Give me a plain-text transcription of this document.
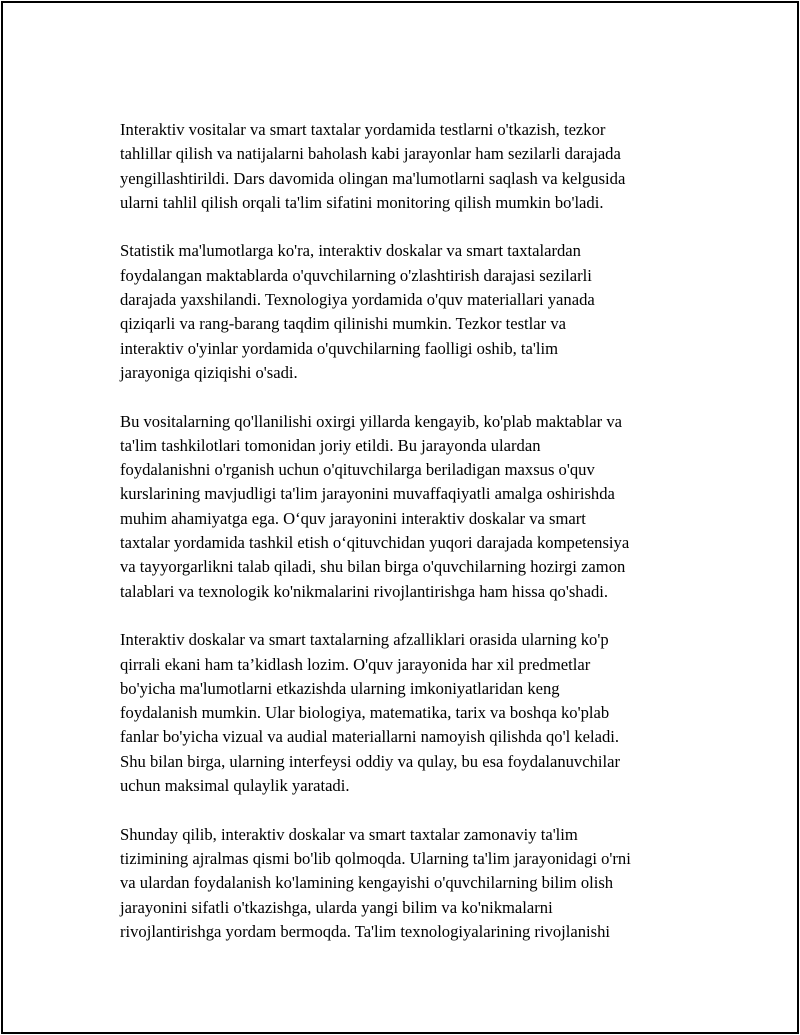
Interaktiv vositalar va smart taxtalar yordamida testlarni o'tkazish, tezkor
tahlillar qilish va natijalarni baholash kabi jarayonlar ham sezilarli darajada
yengillashtirildi. Dars davomida olingan ma'lumotlarni saqlash va kelgusida
ularni tahlil qilish orqali ta'lim sifatini monitoring qilish mumkin bo'ladi.

Statistik ma'lumotlarga ko'ra, interaktiv doskalar va smart taxtalardan
foydalangan maktablarda o'quvchilarning o'zlashtirish darajasi sezilarli
darajada yaxshilandi. Texnologiya yordamida o'quv materiallari yanada
qiziqarli va rang-barang taqdim qilinishi mumkin. Tezkor testlar va
interaktiv o'yinlar yordamida o'quvchilarning faolligi oshib, ta'lim
jarayoniga qiziqishi o'sadi.

Bu vositalarning qo'llanilishi oxirgi yillarda kengayib, ko'plab maktablar va
ta'lim tashkilotlari tomonidan joriy etildi. Bu jarayonda ulardan
foydalanishni o'rganish uchun o'qituvchilarga beriladigan maxsus o'quv
kurslarining mavjudligi ta'lim jarayonini muvaffaqiyatli amalga oshirishda
muhim ahamiyatga ega. O‘quv jarayonini interaktiv doskalar va smart
taxtalar yordamida tashkil etish o‘qituvchidan yuqori darajada kompetensiya
va tayyorgarlikni talab qiladi, shu bilan birga o'quvchilarning hozirgi zamon
talablari va texnologik ko'nikmalarini rivojlantirishga ham hissa qo'shadi.

Interaktiv doskalar va smart taxtalarning afzalliklari orasida ularning ko'p
qirrali ekani ham ta’kidlash lozim. O'quv jarayonida har xil predmetlar
bo'yicha ma'lumotlarni etkazishda ularning imkoniyatlaridan keng
foydalanish mumkin. Ular biologiya, matematika, tarix va boshqa ko'plab
fanlar bo'yicha vizual va audial materiallarni namoyish qilishda qo'l keladi.
Shu bilan birga, ularning interfeysi oddiy va qulay, bu esa foydalanuvchilar
uchun maksimal qulaylik yaratadi.

Shunday qilib, interaktiv doskalar va smart taxtalar zamonaviy ta'lim
tizimining ajralmas qismi bo'lib qolmoqda. Ularning ta'lim jarayonidagi o'rni
va ulardan foydalanish ko'lamining kengayishi o'quvchilarning bilim olish
jarayonini sifatli o'tkazishga, ularda yangi bilim va ko'nikmalarni
rivojlantirishga yordam bermoqda. Ta'lim texnologiyalarining rivojlanishi
